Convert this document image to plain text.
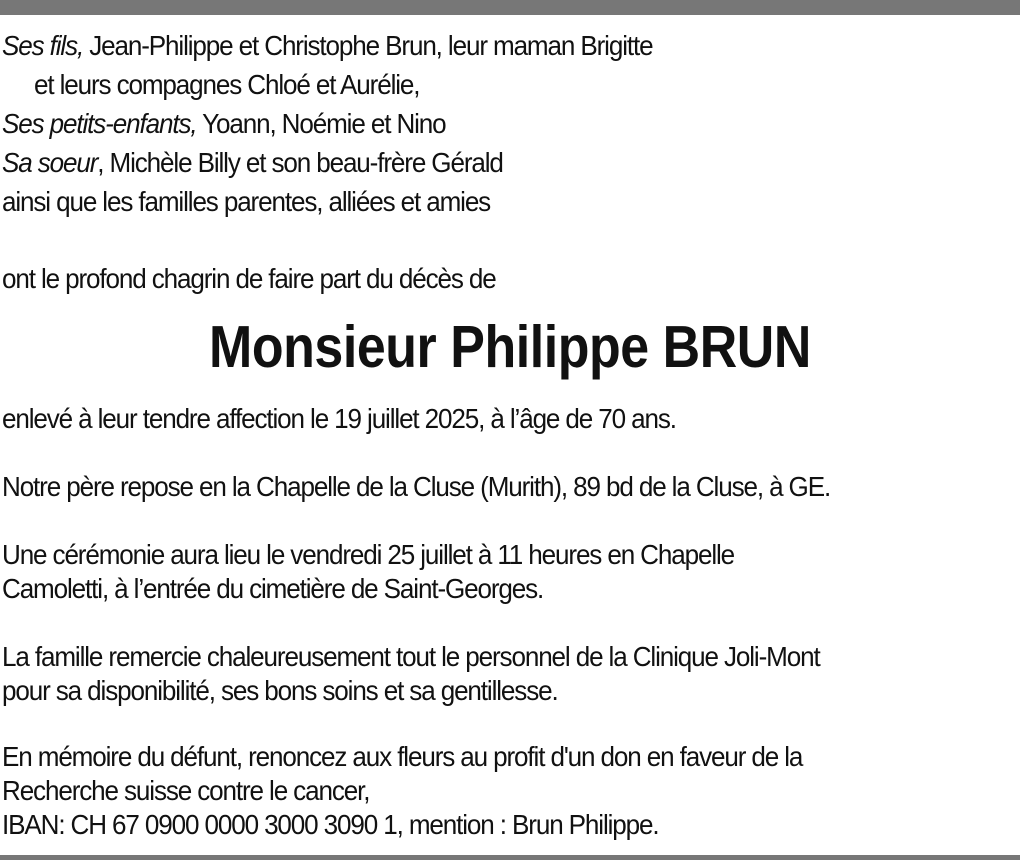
Ses fils, Jean-Philippe et Christophe Brun, leur maman Brigitte
et leurs compagnes Chloé et Aurélie,
Ses petits-enfants, Yoann, Noémie et Nino
Sa soeur, Michèle Billy et son beau-frère Gérald
ainsi que les familles parentes, alliées et amies
ont le profond chagrin de faire part du décès de
Monsieur Philippe BRUN
enlevé à leur tendre affection le 19 juillet 2025, à l’âge de 70 ans.
Notre père repose en la Chapelle de la Cluse (Murith), 89 bd de la Cluse, à GE.
Une cérémonie aura lieu le vendredi 25 juillet à 11 heures en Chapelle
Camoletti, à l’entrée du cimetière de Saint-Georges.
La famille remercie chaleureusement tout le personnel de la Clinique Joli-Mont
pour sa disponibilité, ses bons soins et sa gentillesse.
En mémoire du défunt, renoncez aux fleurs au profit d'un don en faveur de la
Recherche suisse contre le cancer,
IBAN: CH 67 0900 0000 3000 3090 1, mention : Brun Philippe.
